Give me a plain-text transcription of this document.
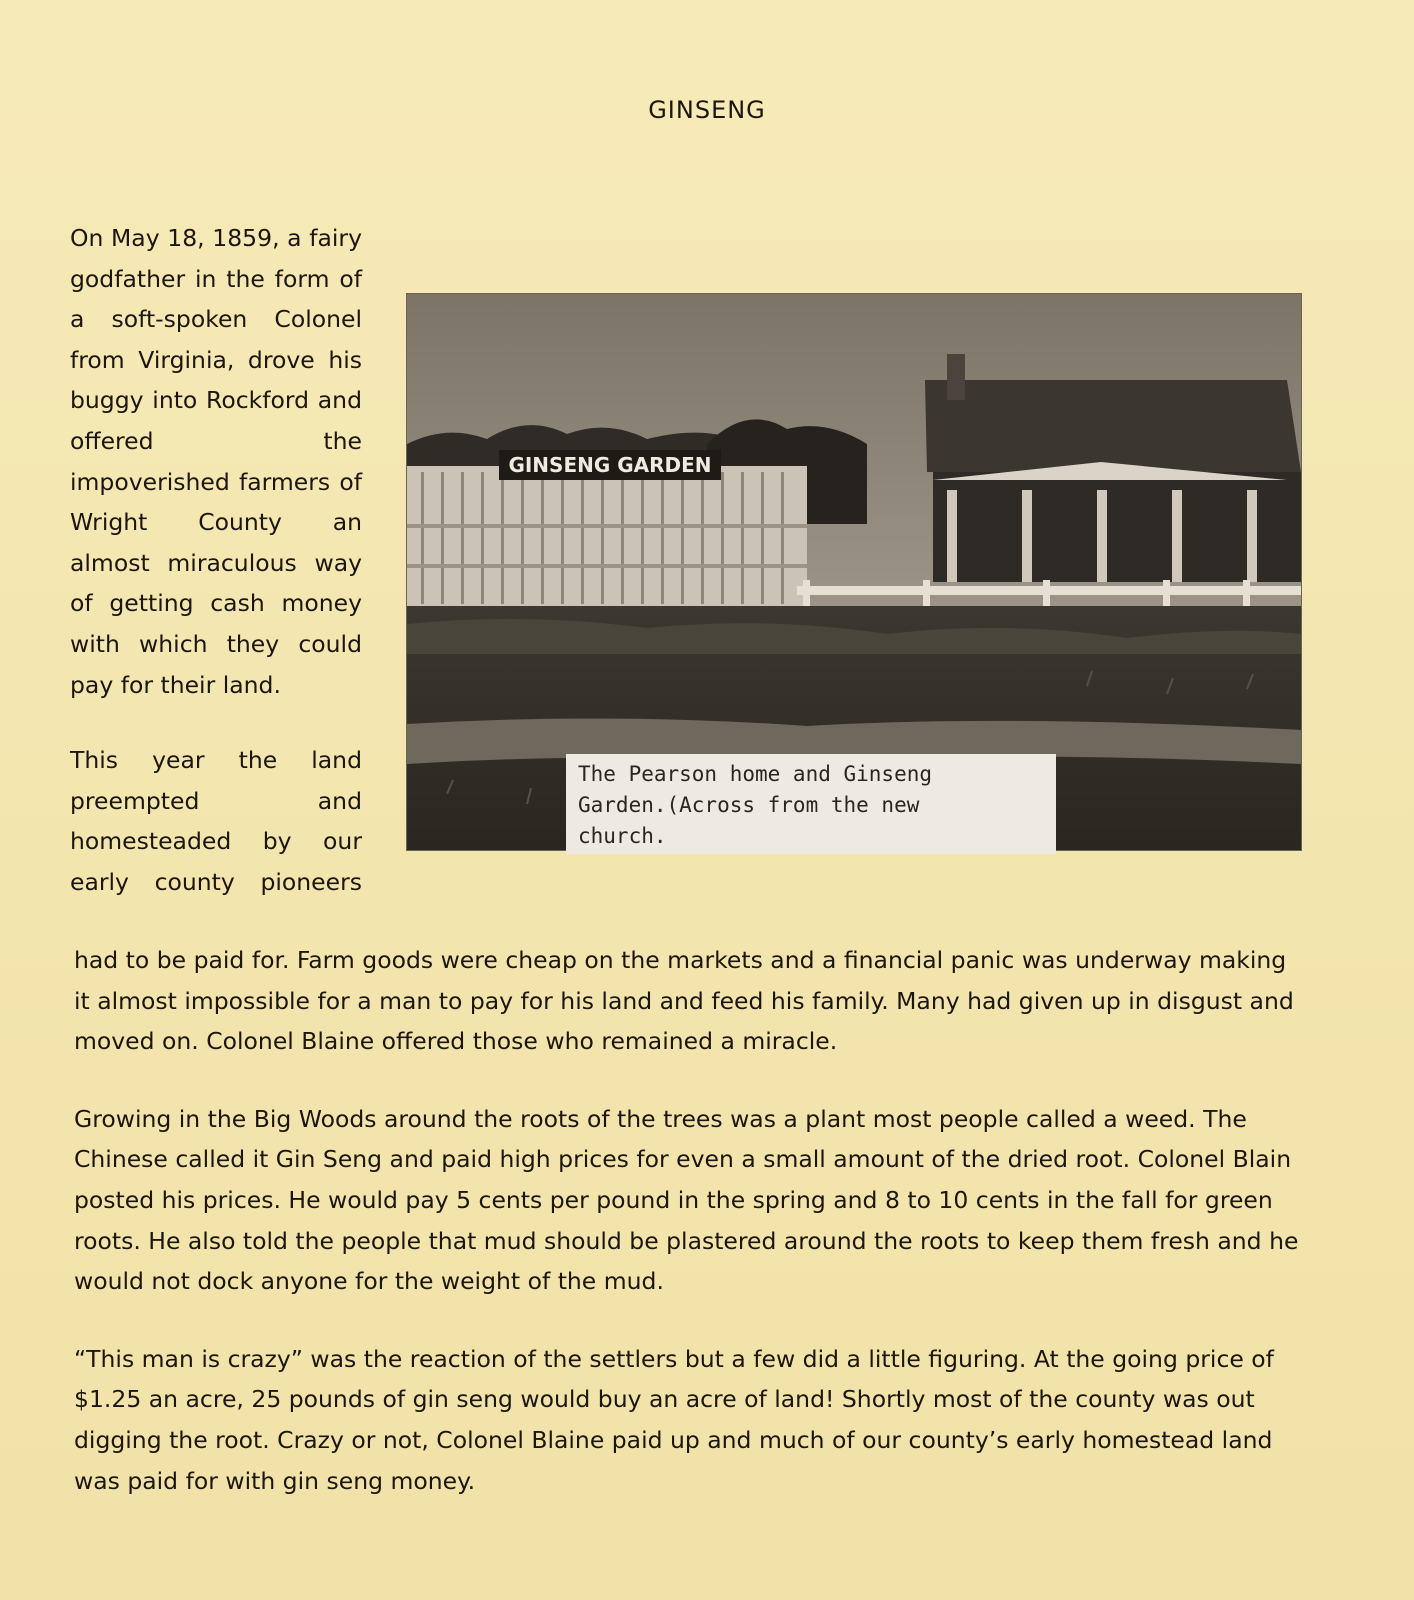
GINSENG

On May 18, 1859, a fairy godfather in the form of a soft-spoken Colonel from Virginia, drove his buggy into Rockford and offered the impoverished farmers of Wright County an almost miraculous way of getting cash money with which they could pay for their land.

This year the land preempted and homesteaded by our early county pioneers

GINSENG GARDEN
The Pearson home and Ginseng
Garden.(Across from the new
church.

had to be paid for. Farm goods were cheap on the markets and a financial panic was underway making it almost impossible for a man to pay for his land and feed his family. Many had given up in disgust and moved on. Colonel Blaine offered those who remained a miracle.

Growing in the Big Woods around the roots of the trees was a plant most people called a weed. The Chinese called it Gin Seng and paid high prices for even a small amount of the dried root. Colonel Blain posted his prices. He would pay 5 cents per pound in the spring and 8 to 10 cents in the fall for green roots. He also told the people that mud should be plastered around the roots to keep them fresh and he would not dock anyone for the weight of the mud.

“This man is crazy” was the reaction of the settlers but a few did a little figuring. At the going price of $1.25 an acre, 25 pounds of gin seng would buy an acre of land! Shortly most of the county was out digging the root. Crazy or not, Colonel Blaine paid up and much of our county’s early homestead land was paid for with gin seng money.
